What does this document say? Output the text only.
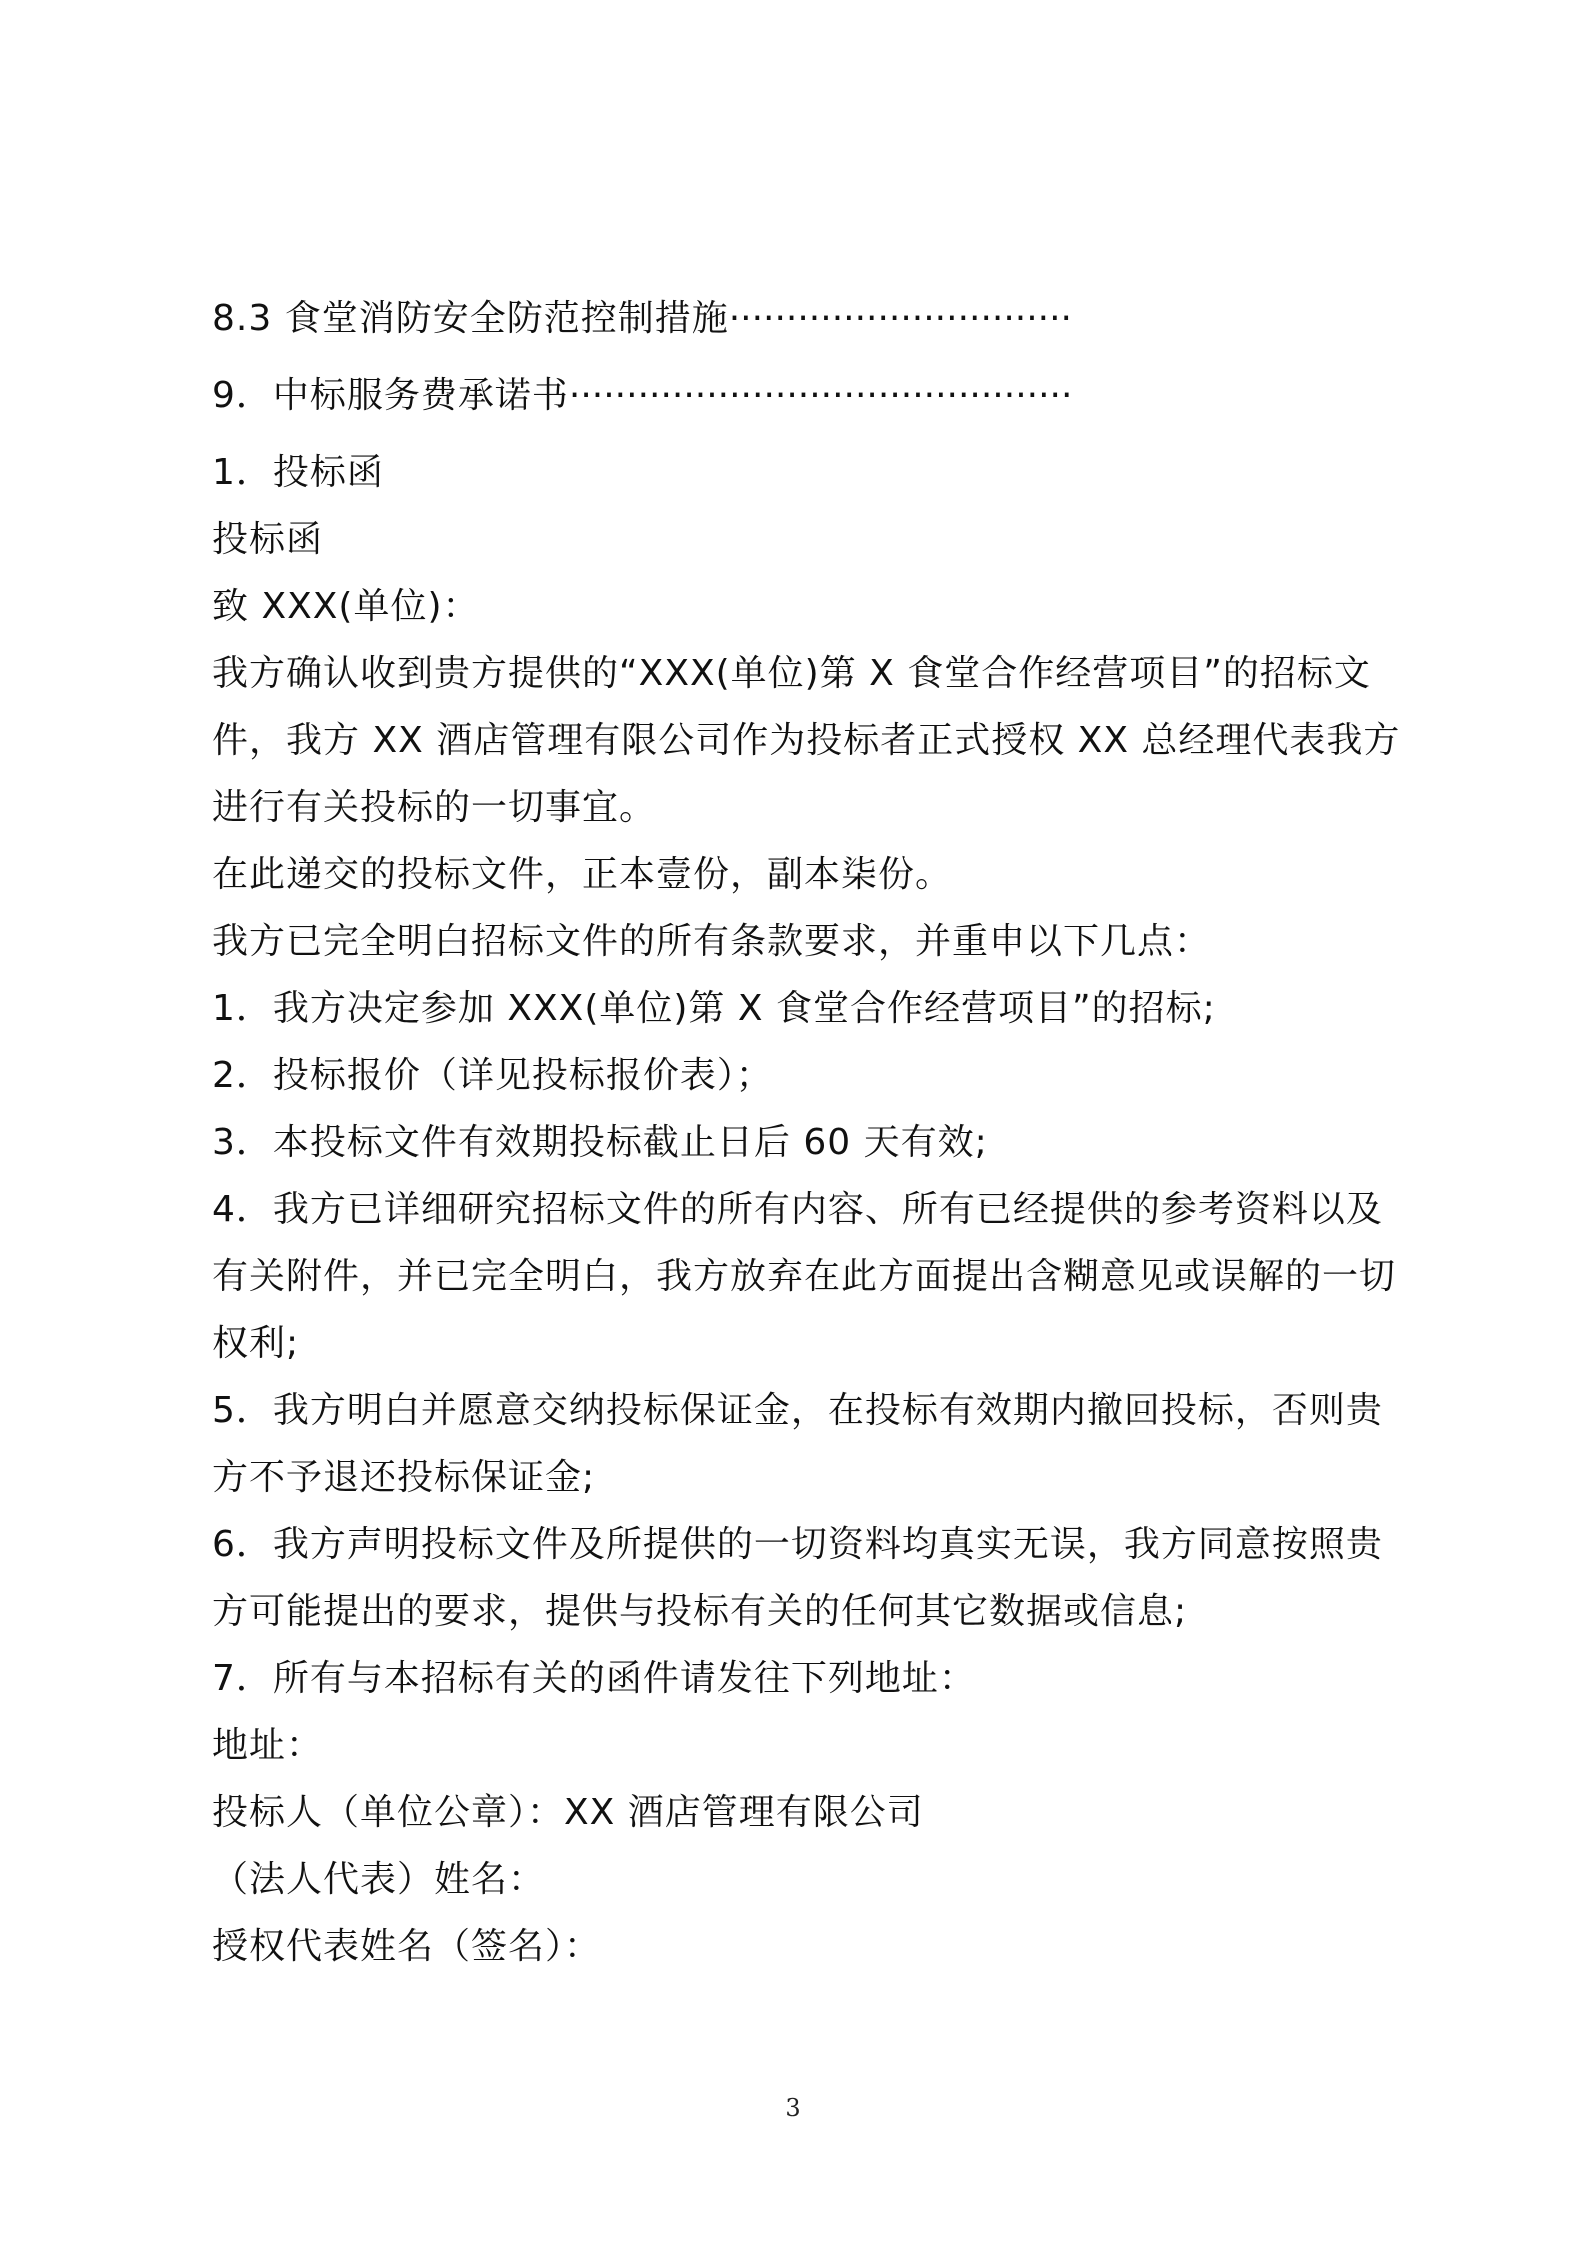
8.3 食堂消防安全防范控制措施······························
9．中标服务费承诺书············································
1．投标函
投标函
致 XXX(单位)：
我方确认收到贵方提供的“XXX(单位)第 X 食堂合作经营项目”的招标文
件，我方 XX 酒店管理有限公司作为投标者正式授权 XX 总经理代表我方
进行有关投标的一切事宜。
在此递交的投标文件，正本壹份，副本柒份。
我方已完全明白招标文件的所有条款要求，并重申以下几点：
1．我方决定参加 XXX(单位)第 X 食堂合作经营项目”的招标;
2．投标报价（详见投标报价表）；
3．本投标文件有效期投标截止日后 60 天有效;
4．我方已详细研究招标文件的所有内容、所有已经提供的参考资料以及
有关附件，并已完全明白，我方放弃在此方面提出含糊意见或误解的一切
权利;
5．我方明白并愿意交纳投标保证金，在投标有效期内撤回投标，否则贵
方不予退还投标保证金;
6．我方声明投标文件及所提供的一切资料均真实无误，我方同意按照贵
方可能提出的要求，提供与投标有关的任何其它数据或信息;
7．所有与本招标有关的函件请发往下列地址：
地址：
投标人（单位公章）：XX 酒店管理有限公司
（法人代表）姓名：
授权代表姓名（签名）：
3
